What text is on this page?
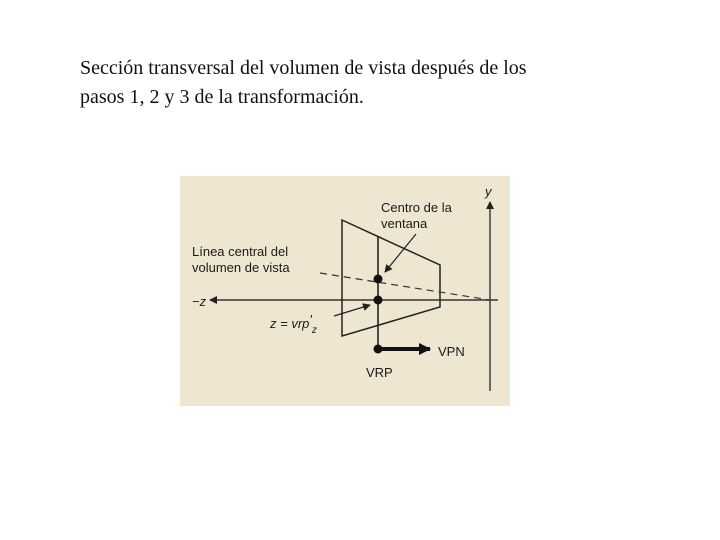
Sección transversal del volumen de vista después de los
pasos 1, 2 y 3 de la transformación.
y
−z
VPN
VRP
Centro de la
ventana
Línea central del
volumen de vista
$z = vrp'_z$
